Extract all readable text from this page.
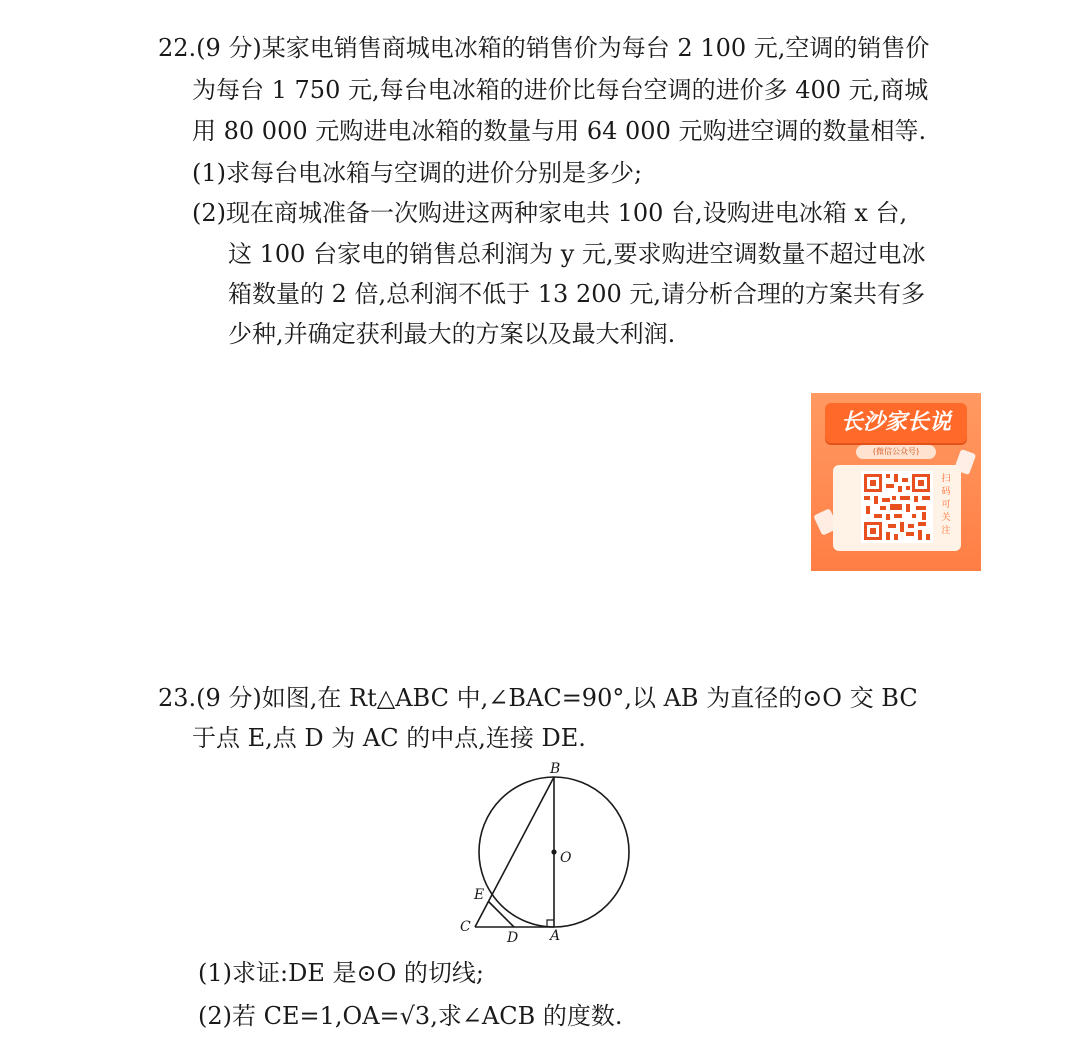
22.(9 分)某家电销售商城电冰箱的销售价为每台 2 100 元,空调的销售价
为每台 1 750 元,每台电冰箱的进价比每台空调的进价多 400 元,商城
用 80 000 元购进电冰箱的数量与用 64 000 元购进空调的数量相等.
(1)求每台电冰箱与空调的进价分别是多少;
(2)现在商城准备一次购进这两种家电共 100 台,设购进电冰箱 x 台,
这 100 台家电的销售总利润为 y 元,要求购进空调数量不超过电冰
箱数量的 2 倍,总利润不低于 13 200 元,请分析合理的方案共有多
少种,并确定获利最大的方案以及最大利润.
长沙家长说
(微信公众号)
扫码可关注
23.(9 分)如图,在 Rt△ABC 中,∠BAC=90°,以 AB 为直径的⊙O 交 BC
于点 E,点 D 为 AC 的中点,连接 DE.
B
O
E
C
D A
(1)求证:DE 是⊙O 的切线;
(2)若 CE=1,OA=√3,求∠ACB 的度数.
